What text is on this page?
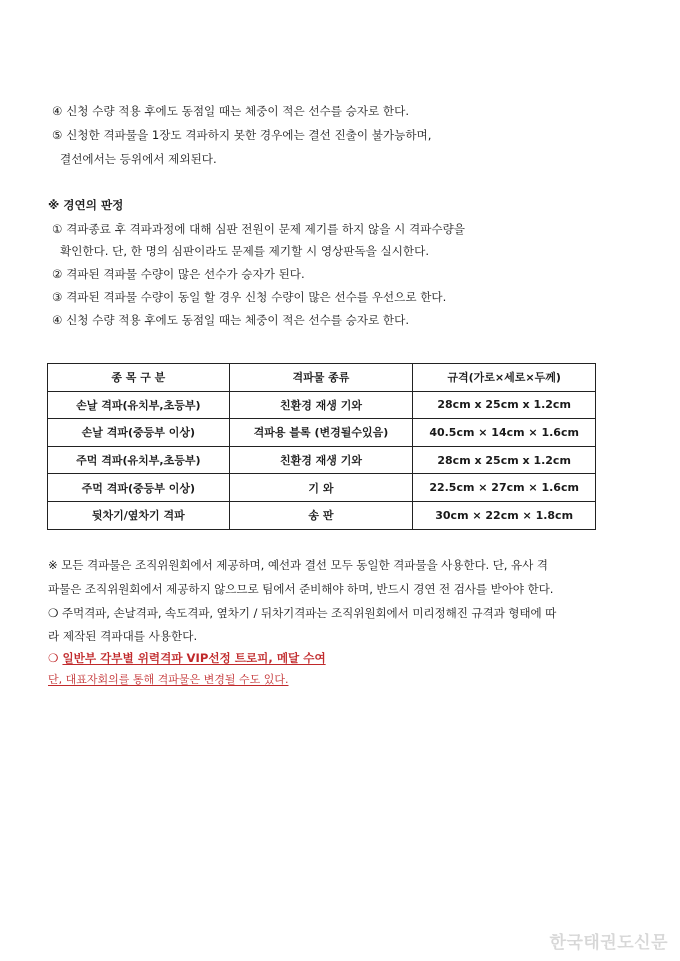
④ 신청 수량 적용 후에도 동점일 때는 체중이 적은 선수를 승자로 한다.
⑤ 신청한 격파물을 1장도 격파하지 못한 경우에는 결선 진출이 불가능하며,
결선에서는 등위에서 제외된다.
※ 경연의 판정
① 격파종료 후 격파과정에 대해 심판 전원이 문제 제기를 하지 않을 시 격파수량을
확인한다. 단, 한 명의 심판이라도 문제를 제기할 시 영상판독을 실시한다.
② 격파된 격파물 수량이 많은 선수가 승자가 된다.
③ 격파된 격파물 수량이 동일 할 경우 신청 수량이 많은 선수를 우선으로 한다.
④ 신청 수량 적용 후에도 동점일 때는 체중이 적은 선수를 승자로 한다.
종 목 구 분	격파물 종류	규격(가로×세로×두께)
손날 격파(유치부,초등부)	친환경 재생 기와	28cm x 25cm x 1.2cm
손날 격파(중등부 이상)	격파용 블록 (변경될수있음)	40.5cm × 14cm × 1.6cm
주먹 격파(유치부,초등부)	친환경 재생 기와	28cm x 25cm x 1.2cm
주먹 격파(중등부 이상)	기 와	22.5cm × 27cm × 1.6cm
뒷차기/옆차기 격파	송 판	30cm × 22cm × 1.8cm
※ 모든 격파물은 조직위원회에서 제공하며, 예선과 결선 모두 동일한 격파물을 사용한다. 단, 유사 격
파물은 조직위원회에서 제공하지 않으므로 팀에서 준비해야 하며, 반드시 경연 전 검사를 받아야 한다.
❍ 주먹격파, 손날격파, 속도격파, 옆차기 / 뒤차기격파는 조직위원회에서 미리정해진 규격과 형태에 따
라 제작된 격파대를 사용한다.
❍ 일반부 각부별 위력격파 VIP선정 트로피, 메달 수여
단, 대표자회의를 통해 격파물은 변경될 수도 있다.
한국태권도신문
